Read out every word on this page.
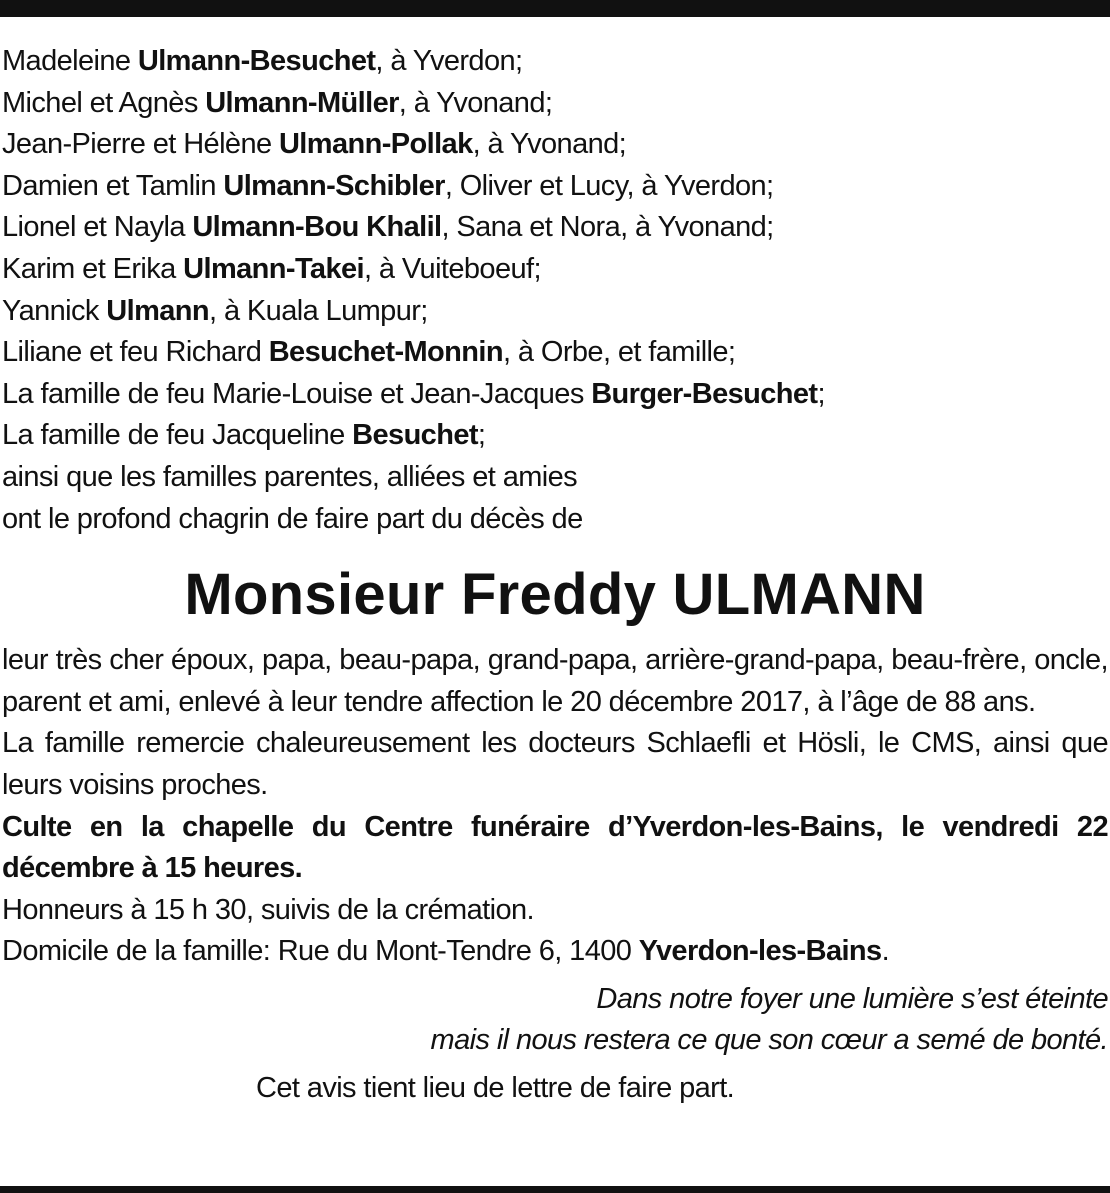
Madeleine Ulmann-Besuchet, à Yverdon;
Michel et Agnès Ulmann-Müller, à Yvonand;
Jean-Pierre et Hélène Ulmann-Pollak, à Yvonand;
Damien et Tamlin Ulmann-Schibler, Oliver et Lucy, à Yverdon;
Lionel et Nayla Ulmann-Bou Khalil, Sana et Nora, à Yvonand;
Karim et Erika Ulmann-Takei, à Vuiteboeuf;
Yannick Ulmann, à Kuala Lumpur;
Liliane et feu Richard Besuchet-Monnin, à Orbe, et famille;
La famille de feu Marie-Louise et Jean-Jacques Burger-Besuchet;
La famille de feu Jacqueline Besuchet;
ainsi que les familles parentes, alliées et amies
ont le profond chagrin de faire part du décès de
Monsieur Freddy ULMANN
leur très cher époux, papa, beau-papa, grand-papa, arrière-grand-papa, beau-frère, oncle, parent et ami, enlevé à leur tendre affection le 20 décembre 2017, à l’âge de 88 ans.
La famille remercie chaleureusement les docteurs Schlaefli et Hösli, le CMS, ainsi que leurs voisins proches.
Culte en la chapelle du Centre funéraire d’Yverdon-les-Bains, le vendredi 22 décembre à 15 heures.
Honneurs à 15 h 30, suivis de la crémation.
Domicile de la famille: Rue du Mont-Tendre 6, 1400 Yverdon-les-Bains.
Dans notre foyer une lumière s’est éteinte
mais il nous restera ce que son cœur a semé de bonté.
Cet avis tient lieu de lettre de faire part.
